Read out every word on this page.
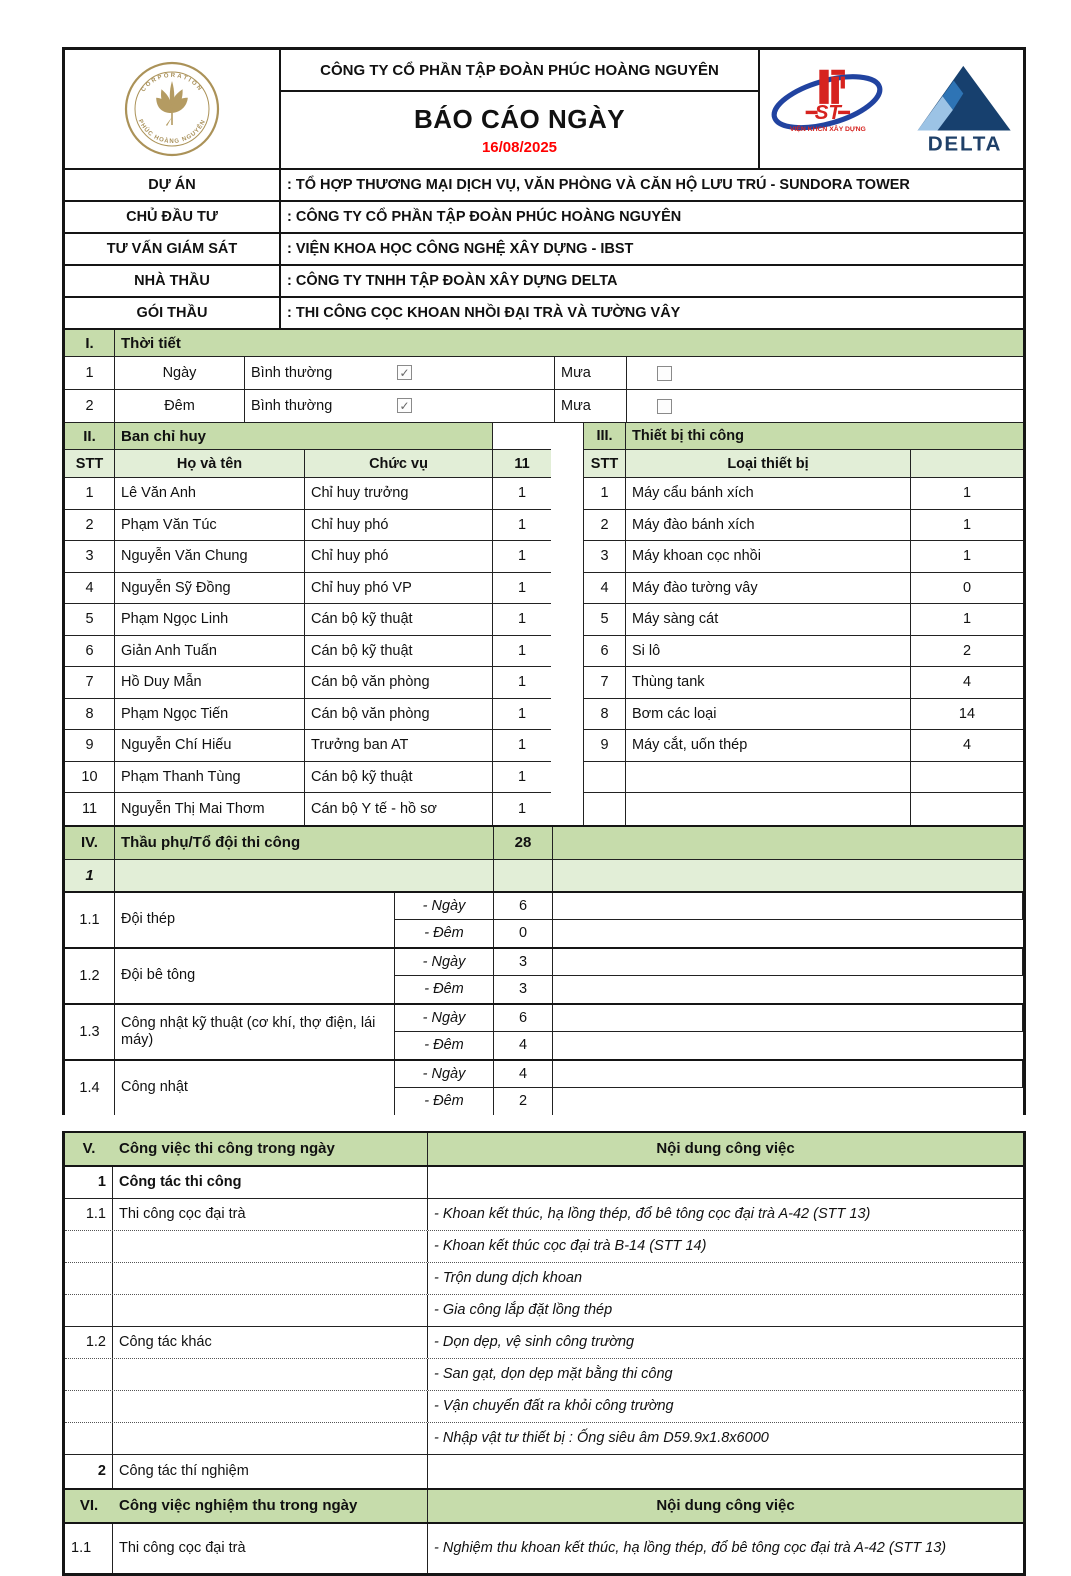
CORPORATION
PHÚC HOÀNG NGUYÊN
CÔNG TY CỔ PHẦN TẬP ĐOÀN PHÚC HOÀNG NGUYÊN
BÁO CÁO NGÀY
16/08/2025
ST
VIỆN KHCN XÂY DỰNG
DELTA
DỰ ÁN	: TỔ HỢP THƯƠNG MẠI DỊCH VỤ, VĂN PHÒNG VÀ CĂN HỘ LƯU TRÚ - SUNDORA TOWER
CHỦ ĐẦU TƯ	: CÔNG TY CỔ PHẦN TẬP ĐOÀN PHÚC HOÀNG NGUYÊN
TƯ VẤN GIÁM SÁT	: VIỆN KHOA HỌC CÔNG NGHỆ XÂY DỰNG - IBST
NHÀ THẦU	: CÔNG TY TNHH TẬP ĐOÀN XÂY DỰNG DELTA
GÓI THẦU	: THI CÔNG CỌC KHOAN NHỒI ĐẠI TRÀ VÀ TƯỜNG VÂY
I.	Thời tiết
1	Ngày	Bình thường	✓	Mưa
2	Đêm	Bình thường	✓	Mưa
II.	Ban chỉ huy
STT	Họ và tên	Chức vụ	11
1	Lê Văn Anh	Chỉ huy trưởng	1
2	Phạm Văn Túc	Chỉ huy phó	1
3	Nguyễn Văn Chung	Chỉ huy phó	1
4	Nguyễn Sỹ Đồng	Chỉ huy phó VP	1
5	Phạm Ngọc Linh	Cán bộ kỹ thuật	1
6	Giản Anh Tuấn	Cán bộ kỹ thuật	1
7	Hồ Duy Mẫn	Cán bộ văn phòng	1
8	Phạm Ngọc Tiến	Cán bộ văn phòng	1
9	Nguyễn Chí Hiếu	Trưởng ban AT	1
10	Phạm Thanh Tùng	Cán bộ kỹ thuật	1
11	Nguyễn Thị Mai Thơm	Cán bộ Y tế - hồ sơ	1
III.	Thiết bị thi công
STT	Loại thiết bị
1	Máy cẩu bánh xích	1
2	Máy đào bánh xích	1
3	Máy khoan cọc nhồi	1
4	Máy đào tường vây	0
5	Máy sàng cát	1
6	Si lô	2
7	Thùng tank	4
8	Bơm các loại	14
9	Máy cắt, uốn thép	4
IV.	Thầu phụ/Tổ đội thi công	28
1
1.1	Đội thép
- Ngày	6
- Đêm	0
1.2	Đội bê tông
- Ngày	3
- Đêm	3
1.3
Công nhật kỹ thuật (cơ khí, thợ điện, lái máy)
- Ngày	6
- Đêm	4
1.4	Công nhật
- Ngày	4
- Đêm	2
V.	Công việc thi công trong ngày	Nội dung công việc
1 Công tác thi công
1.1 Thi công cọc đại trà	- Khoan kết thúc, hạ lồng thép, đổ bê tông cọc đại trà A-42 (STT 13)
- Khoan kết thúc cọc đại trà B-14 (STT 14)
- Trộn dung dịch khoan
- Gia công lắp đặt lồng thép
1.2 Công tác khác	- Dọn dẹp, vệ sinh công trường
- San gạt, dọn dẹp mặt bằng thi công
- Vận chuyển đất ra khỏi công trường
- Nhập vật tư thiết bị : Ống siêu âm D59.9x1.8x6000
2 Công tác thí nghiệm
VI.	Công việc nghiệm thu trong ngày	Nội dung công việc
1.1	Thi công cọc đại trà	- Nghiệm thu khoan kết thúc, hạ lồng thép, đổ bê tông cọc đại trà A-42 (STT 13)
